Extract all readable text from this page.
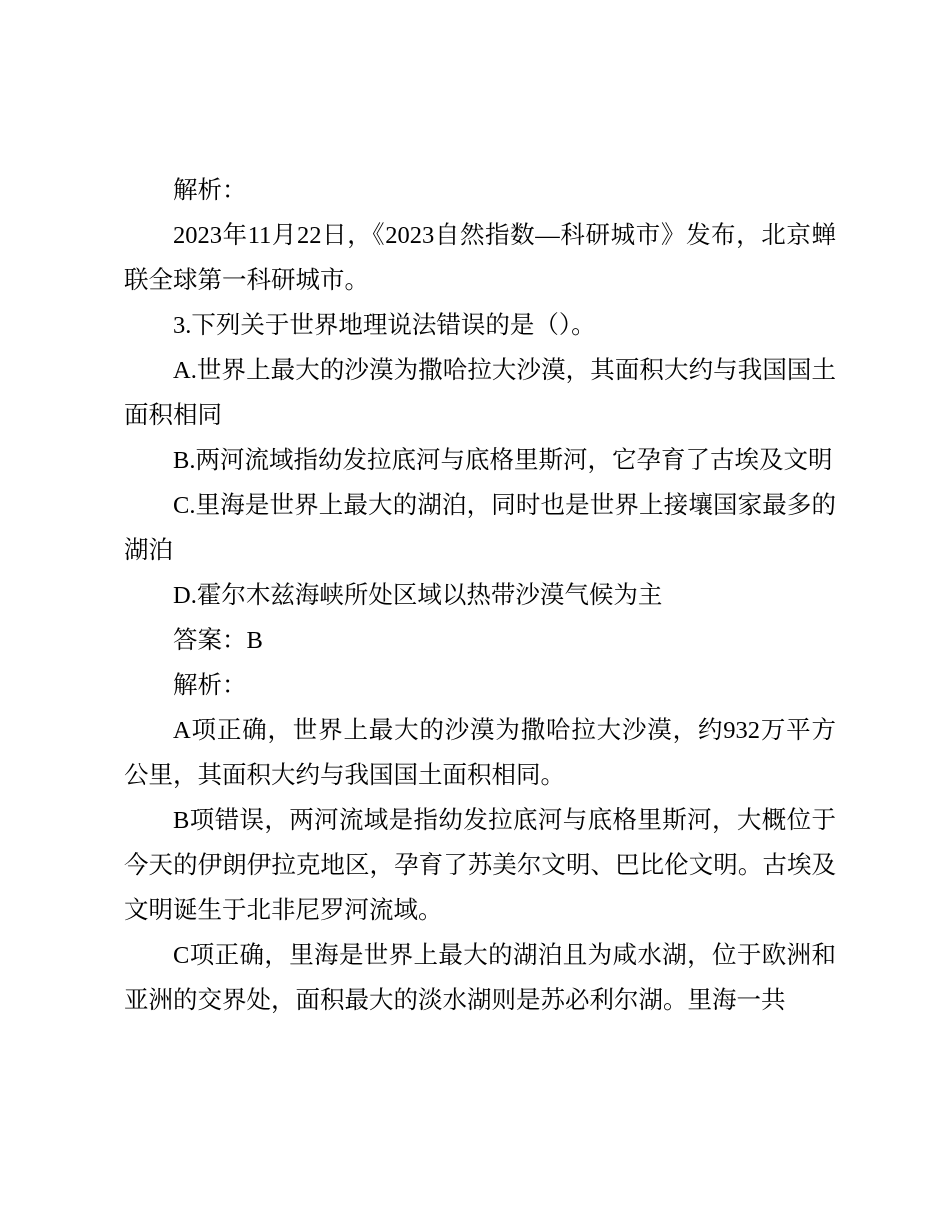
解析：

2023年11月22日，《2023自然指数—科研城市》发布，北京蝉联全球第一科研城市。

3.下列关于世界地理说法错误的是（）。

A.世界上最大的沙漠为撒哈拉大沙漠，其面积大约与我国国土面积相同

B.两河流域指幼发拉底河与底格里斯河，它孕育了古埃及文明

C.里海是世界上最大的湖泊，同时也是世界上接壤国家最多的湖泊

D.霍尔木兹海峡所处区域以热带沙漠气候为主

答案：B

解析：

A项正确，世界上最大的沙漠为撒哈拉大沙漠，约932万平方公里，其面积大约与我国国土面积相同。

B项错误，两河流域是指幼发拉底河与底格里斯河，大概位于今天的伊朗伊拉克地区，孕育了苏美尔文明、巴比伦文明。古埃及文明诞生于北非尼罗河流域。

C项正确，里海是世界上最大的湖泊且为咸水湖，位于欧洲和亚洲的交界处，面积最大的淡水湖则是苏必利尔湖。里海一共
